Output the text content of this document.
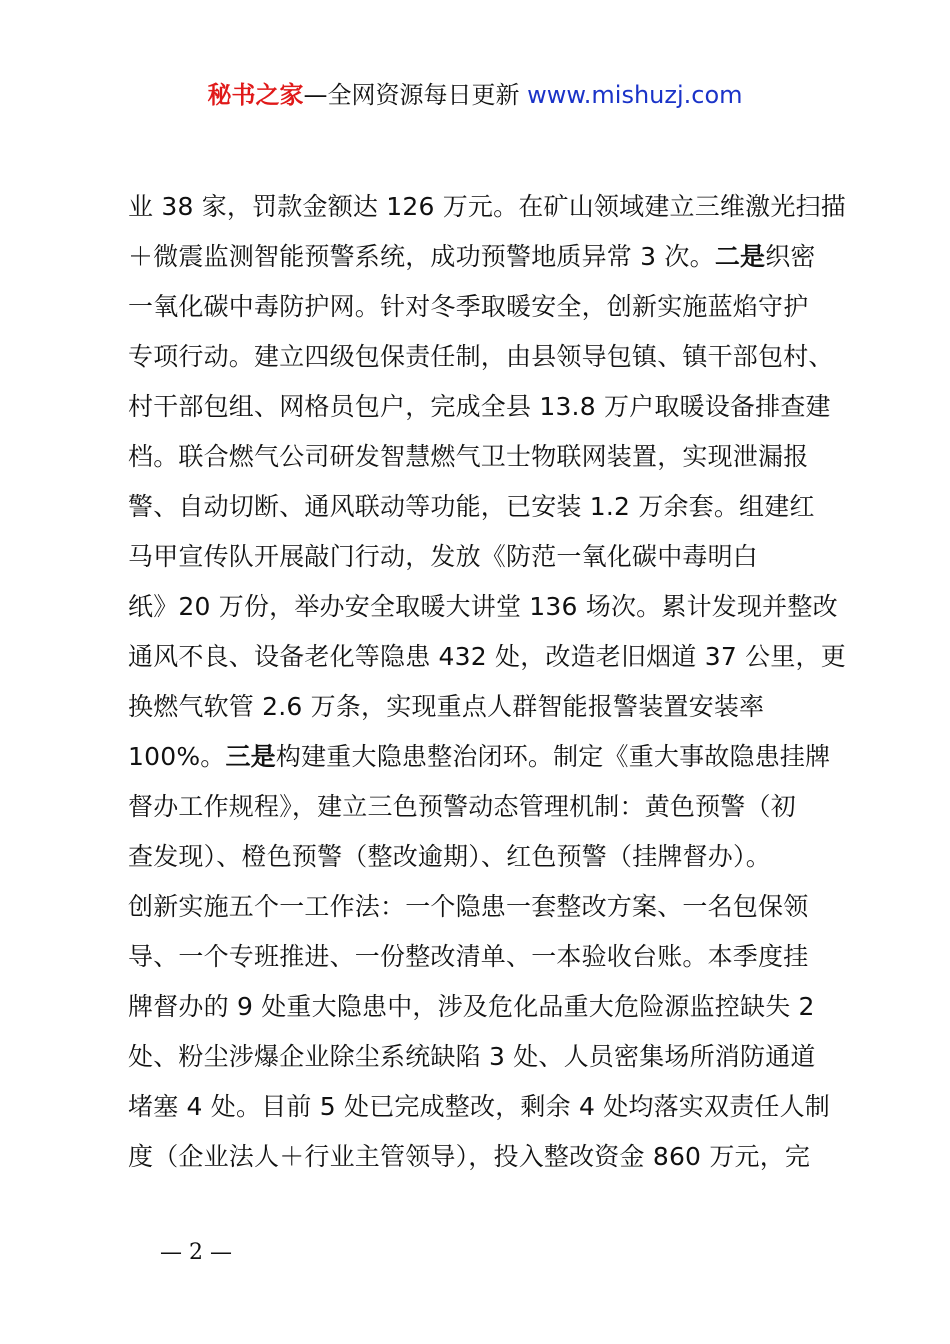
秘书之家—全网资源每日更新 www.mishuzj.com
业 38 家，罚款金额达 126 万元。在矿山领域建立三维激光扫描
＋微震监测智能预警系统，成功预警地质异常 3 次。二是织密
一氧化碳中毒防护网。针对冬季取暖安全，创新实施蓝焰守护
专项行动。建立四级包保责任制，由县领导包镇、镇干部包村、
村干部包组、网格员包户，完成全县 13.8 万户取暖设备排查建
档。联合燃气公司研发智慧燃气卫士物联网装置，实现泄漏报
警、自动切断、通风联动等功能，已安装 1.2 万余套。组建红
马甲宣传队开展敲门行动，发放《防范一氧化碳中毒明白
纸》20 万份，举办安全取暖大讲堂 136 场次。累计发现并整改
通风不良、设备老化等隐患 432 处，改造老旧烟道 37 公里，更
换燃气软管 2.6 万条，实现重点人群智能报警装置安装率
100%。三是构建重大隐患整治闭环。制定《重大事故隐患挂牌
督办工作规程》，建立三色预警动态管理机制：黄色预警（初
查发现）、橙色预警（整改逾期）、红色预警（挂牌督办）。
创新实施五个一工作法：一个隐患一套整改方案、一名包保领
导、一个专班推进、一份整改清单、一本验收台账。本季度挂
牌督办的 9 处重大隐患中，涉及危化品重大危险源监控缺失 2
处、粉尘涉爆企业除尘系统缺陷 3 处、人员密集场所消防通道
堵塞 4 处。目前 5 处已完成整改，剩余 4 处均落实双责任人制
度（企业法人＋行业主管领导），投入整改资金 860 万元，完
— 2 —
